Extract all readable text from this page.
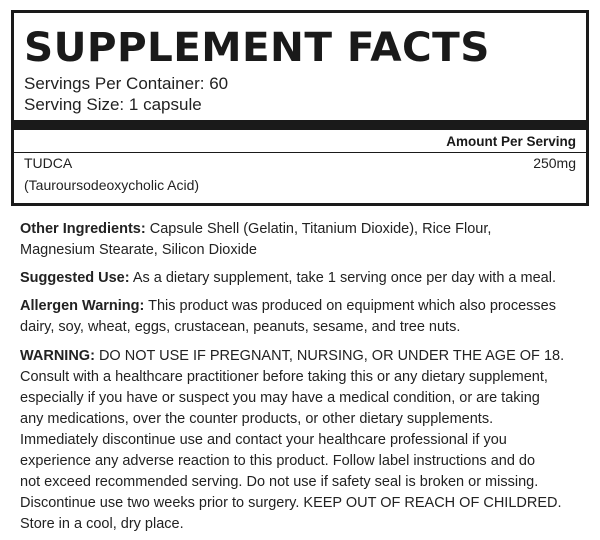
SUPPLEMENT FACTS
Servings Per Container: 60
Serving Size: 1 capsule
Amount Per Serving
TUDCA	250mg
(Tauroursodeoxycholic Acid)

Other Ingredients: Capsule Shell (Gelatin, Titanium Dioxide), Rice Flour,
Magnesium Stearate, Silicon Dioxide

Suggested Use: As a dietary supplement, take 1 serving once per day with a meal.

Allergen Warning: This product was produced on equipment which also processes
dairy, soy, wheat, eggs, crustacean, peanuts, sesame, and tree nuts.

WARNING: DO NOT USE IF PREGNANT, NURSING, OR UNDER THE AGE OF 18.
Consult with a healthcare practitioner before taking this or any dietary supplement,
especially if you have or suspect you may have a medical condition, or are taking
any medications, over the counter products, or other dietary supplements.
Immediately discontinue use and contact your healthcare professional if you
experience any adverse reaction to this product. Follow label instructions and do
not exceed recommended serving. Do not use if safety seal is broken or missing.
Discontinue use two weeks prior to surgery. KEEP OUT OF REACH OF CHILDRED.
Store in a cool, dry place.
